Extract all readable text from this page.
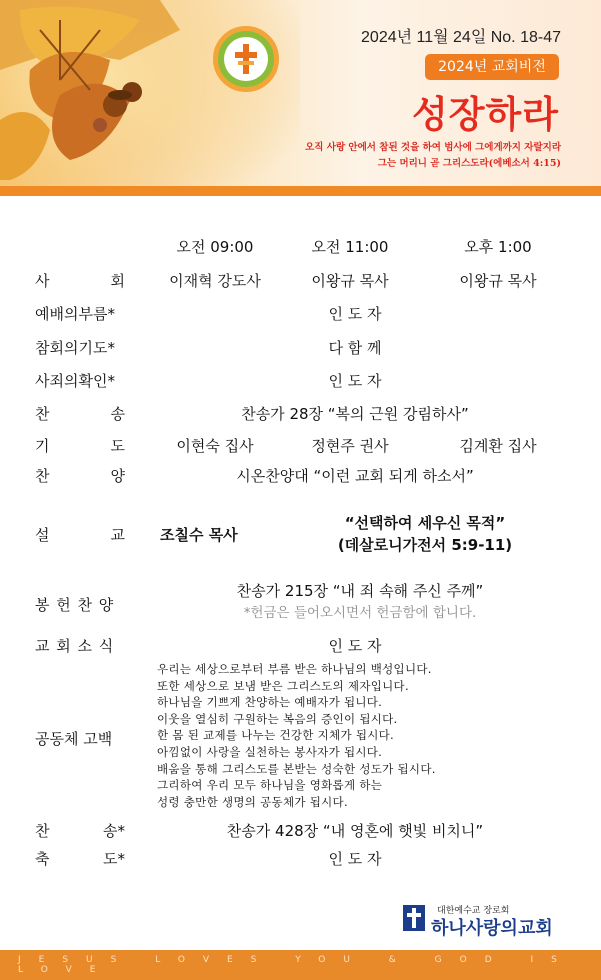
2024년 11월 24일 No. 18-47
2024년 교회비전
성장하라
오직 사랑 안에서 참된 것을 하여 범사에 그에게까지 자랄지라
그는 머리니 곧 그리스도라(에베소서 4:15)
오전 09:00	오전 11:00	오후 1:00
사	회	이재혁 강도사	이왕규 목사	이왕규 목사
예배의부름*	인 도 자
참회의기도*	다 함 께
사죄의확인*	인 도 자
찬	송	찬송가 28장 “복의 근원 강림하사”
기	도	이현숙 집사	정현주 권사	김계환 집사
찬	양	시온찬양대 “이런 교회 되게 하소서”
설	교 조칠수 목사
“선택하여 세우신 목적”
(데살로니가전서 5:9-11)
봉 헌 찬 양
찬송가 215장 “내 죄 속해 주신 주께”
*헌금은 들어오시면서 헌금함에 합니다.
교 회 소 식	인 도 자
공동체 고백
우리는 세상으로부터 부름 받은 하나님의 백성입니다.
또한 세상으로 보냄 받은 그리스도의 제자입니다.
하나님을 기쁘게 찬양하는 예배자가 됩니다.
이웃을 열심히 구원하는 복음의 증인이 됩시다.
한 몸 된 교제를 나누는 건강한 지체가 됩시다.
아낌없이 사랑을 실천하는 봉사자가 됩시다.
배움을 통해 그리스도를 본받는 성숙한 성도가 됩시다.
그리하여 우리 모두 하나님을 영화롭게 하는
성령 충만한 생명의 공동체가 됩시다.
찬	송*	찬송가 428장 “내 영혼에 햇빛 비치니”
축	도*	인 도 자
대한예수교 장로회
하나사랑의교회
JESUS LOVES YOU & GOD IS LOVE
